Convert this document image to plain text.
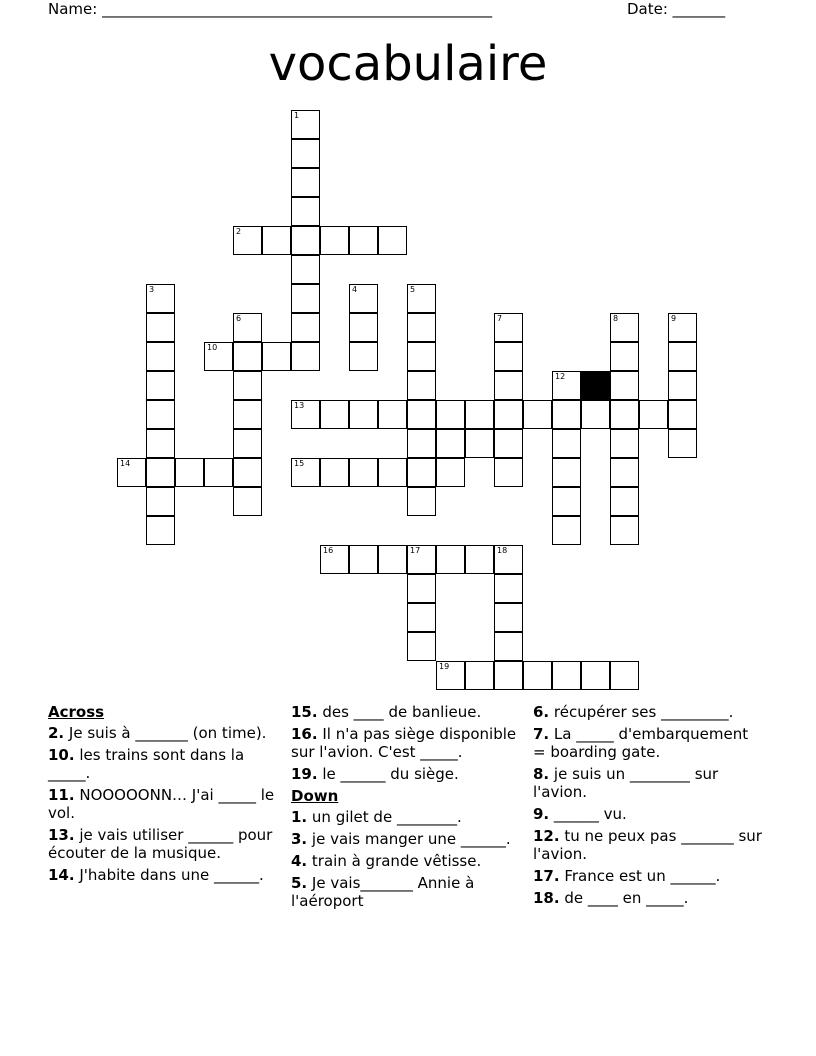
Name: ____________________________________________________	Date: _______
vocabulaire
2
10
13
14	15
16	17	18
19
1
3	4	5
6	7	8	9
12
Across
2. Je suis à _______ (on time).
10. les trains sont dans la _____.
11. NOOOOONN… J'ai _____ le vol.
13. je vais utiliser ______ pour écouter de la musique.
14. J'habite dans une ______.
15. des ____ de banlieue.
16. Il n'a pas siège disponible sur l'avion. C'est _____.
19. le ______ du siège.
Down
1. un gilet de ________.
3. je vais manger une ______.
4. train à grande vêtisse.
5. Je vais_______ Annie à l'aéroport
6. récupérer ses _________.
7. La _____ d'embarquement = boarding gate.
8. je suis un ________ sur l'avion.
9. ______ vu.
12. tu ne peux pas _______ sur l'avion.
17. France est un ______.
18. de ____ en _____.
